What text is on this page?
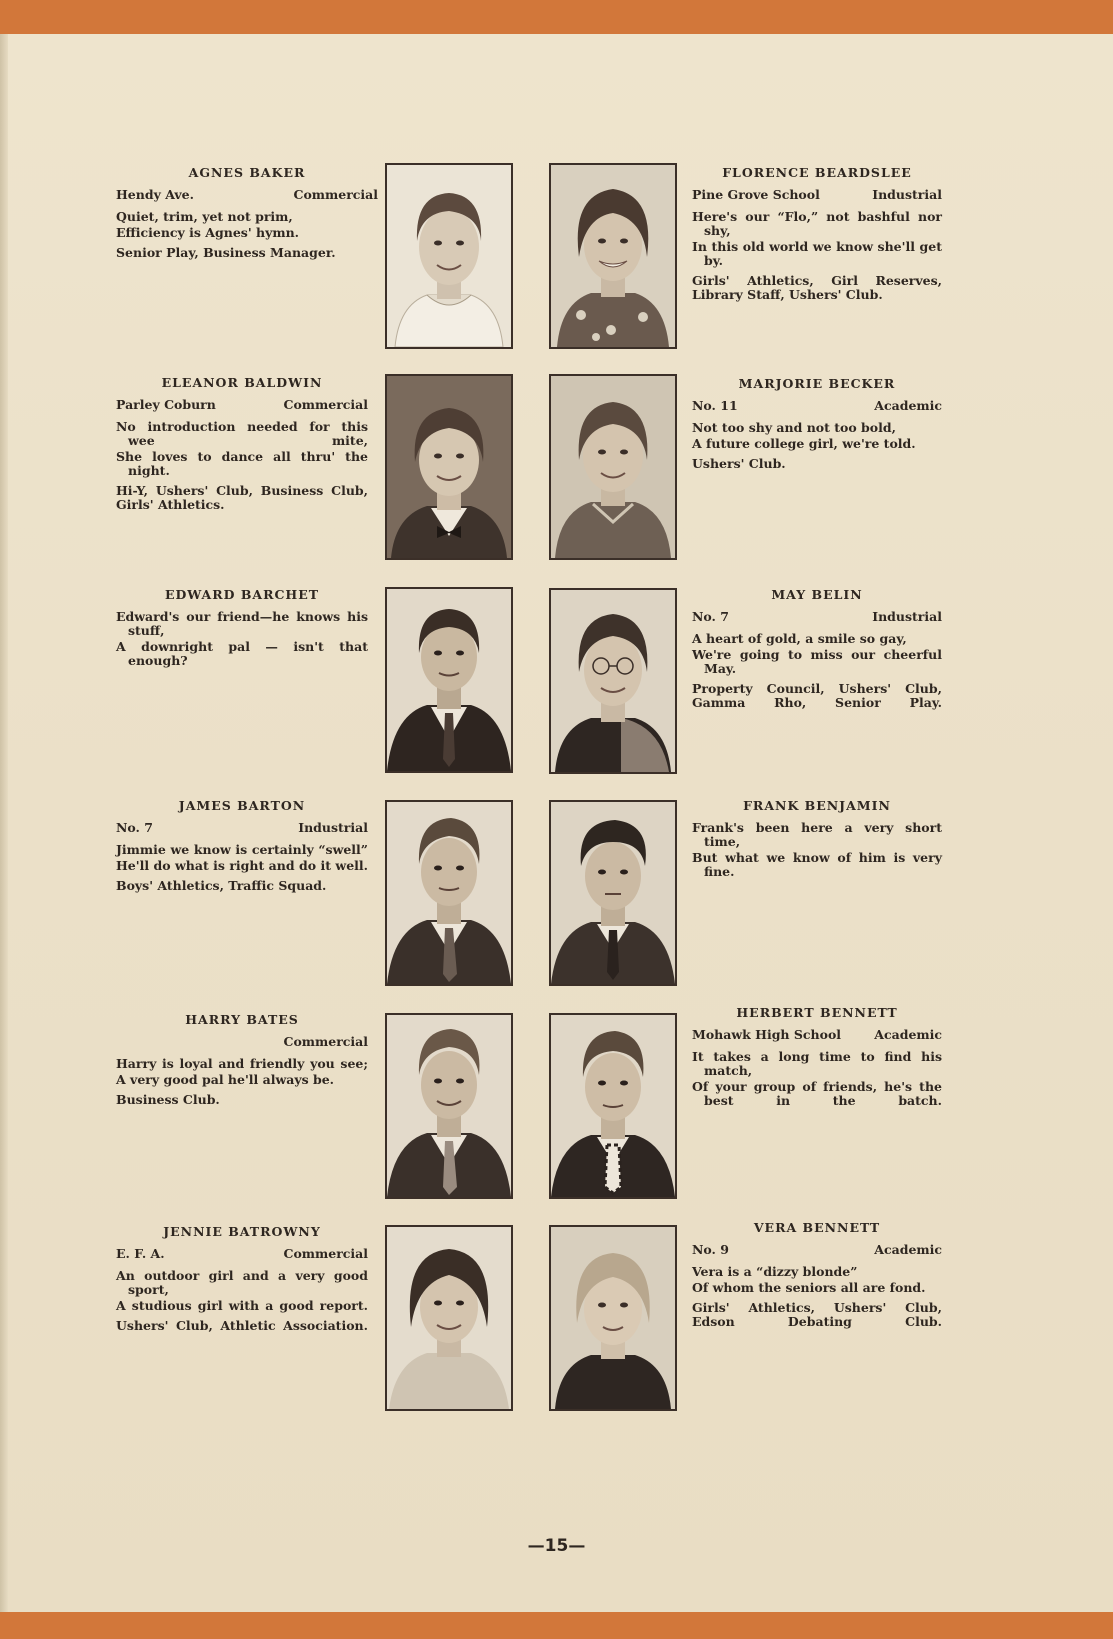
AGNES BAKER
Hendy Ave.	Commercial
Quiet, trim, yet not prim,
Efficiency is Agnes' hymn.
Senior Play, Business Manager.
FLORENCE BEARDSLEE
Pine Grove School	Industrial
Here's our “Flo,” not bashful nor shy,
In this old world we know she'll get by.
Girls' Athletics, Girl Reserves, Library Staff, Ushers' Club.
ELEANOR BALDWIN
Parley Coburn	Commercial
No introduction needed for this wee mite,
She loves to dance all thru' the night.
Hi-Y, Ushers' Club, Business Club, Girls' Athletics.
MARJORIE BECKER
No. 11	Academic
Not too shy and not too bold,
A future college girl, we're told.
Ushers' Club.
EDWARD BARCHET
Edward's our friend—he knows his stuff,
A downright pal — isn't that enough?
MAY BELIN
No. 7	Industrial
A heart of gold, a smile so gay,
We're going to miss our cheerful May.
Property Council, Ushers' Club, Gamma Rho, Senior Play.
JAMES BARTON
No. 7	Industrial
Jimmie we know is certainly “swell”
He'll do what is right and do it well.
Boys' Athletics, Traffic Squad.
FRANK BENJAMIN
Frank's been here a very short time,
But what we know of him is very fine.
HARRY BATES
Commercial
Harry is loyal and friendly you see;
A very good pal he'll always be.
Business Club.
HERBERT BENNETT
Mohawk High School	Academic
It takes a long time to find his match,
Of your group of friends, he's the best in the batch.
JENNIE BATROWNY
E. F. A.	Commercial
An outdoor girl and a very good sport,
A studious girl with a good report.
Ushers' Club, Athletic Association.
VERA BENNETT
No. 9	Academic
Vera is a “dizzy blonde”
Of whom the seniors all are fond.
Girls' Athletics, Ushers' Club, Edson Debating Club.
—15—
